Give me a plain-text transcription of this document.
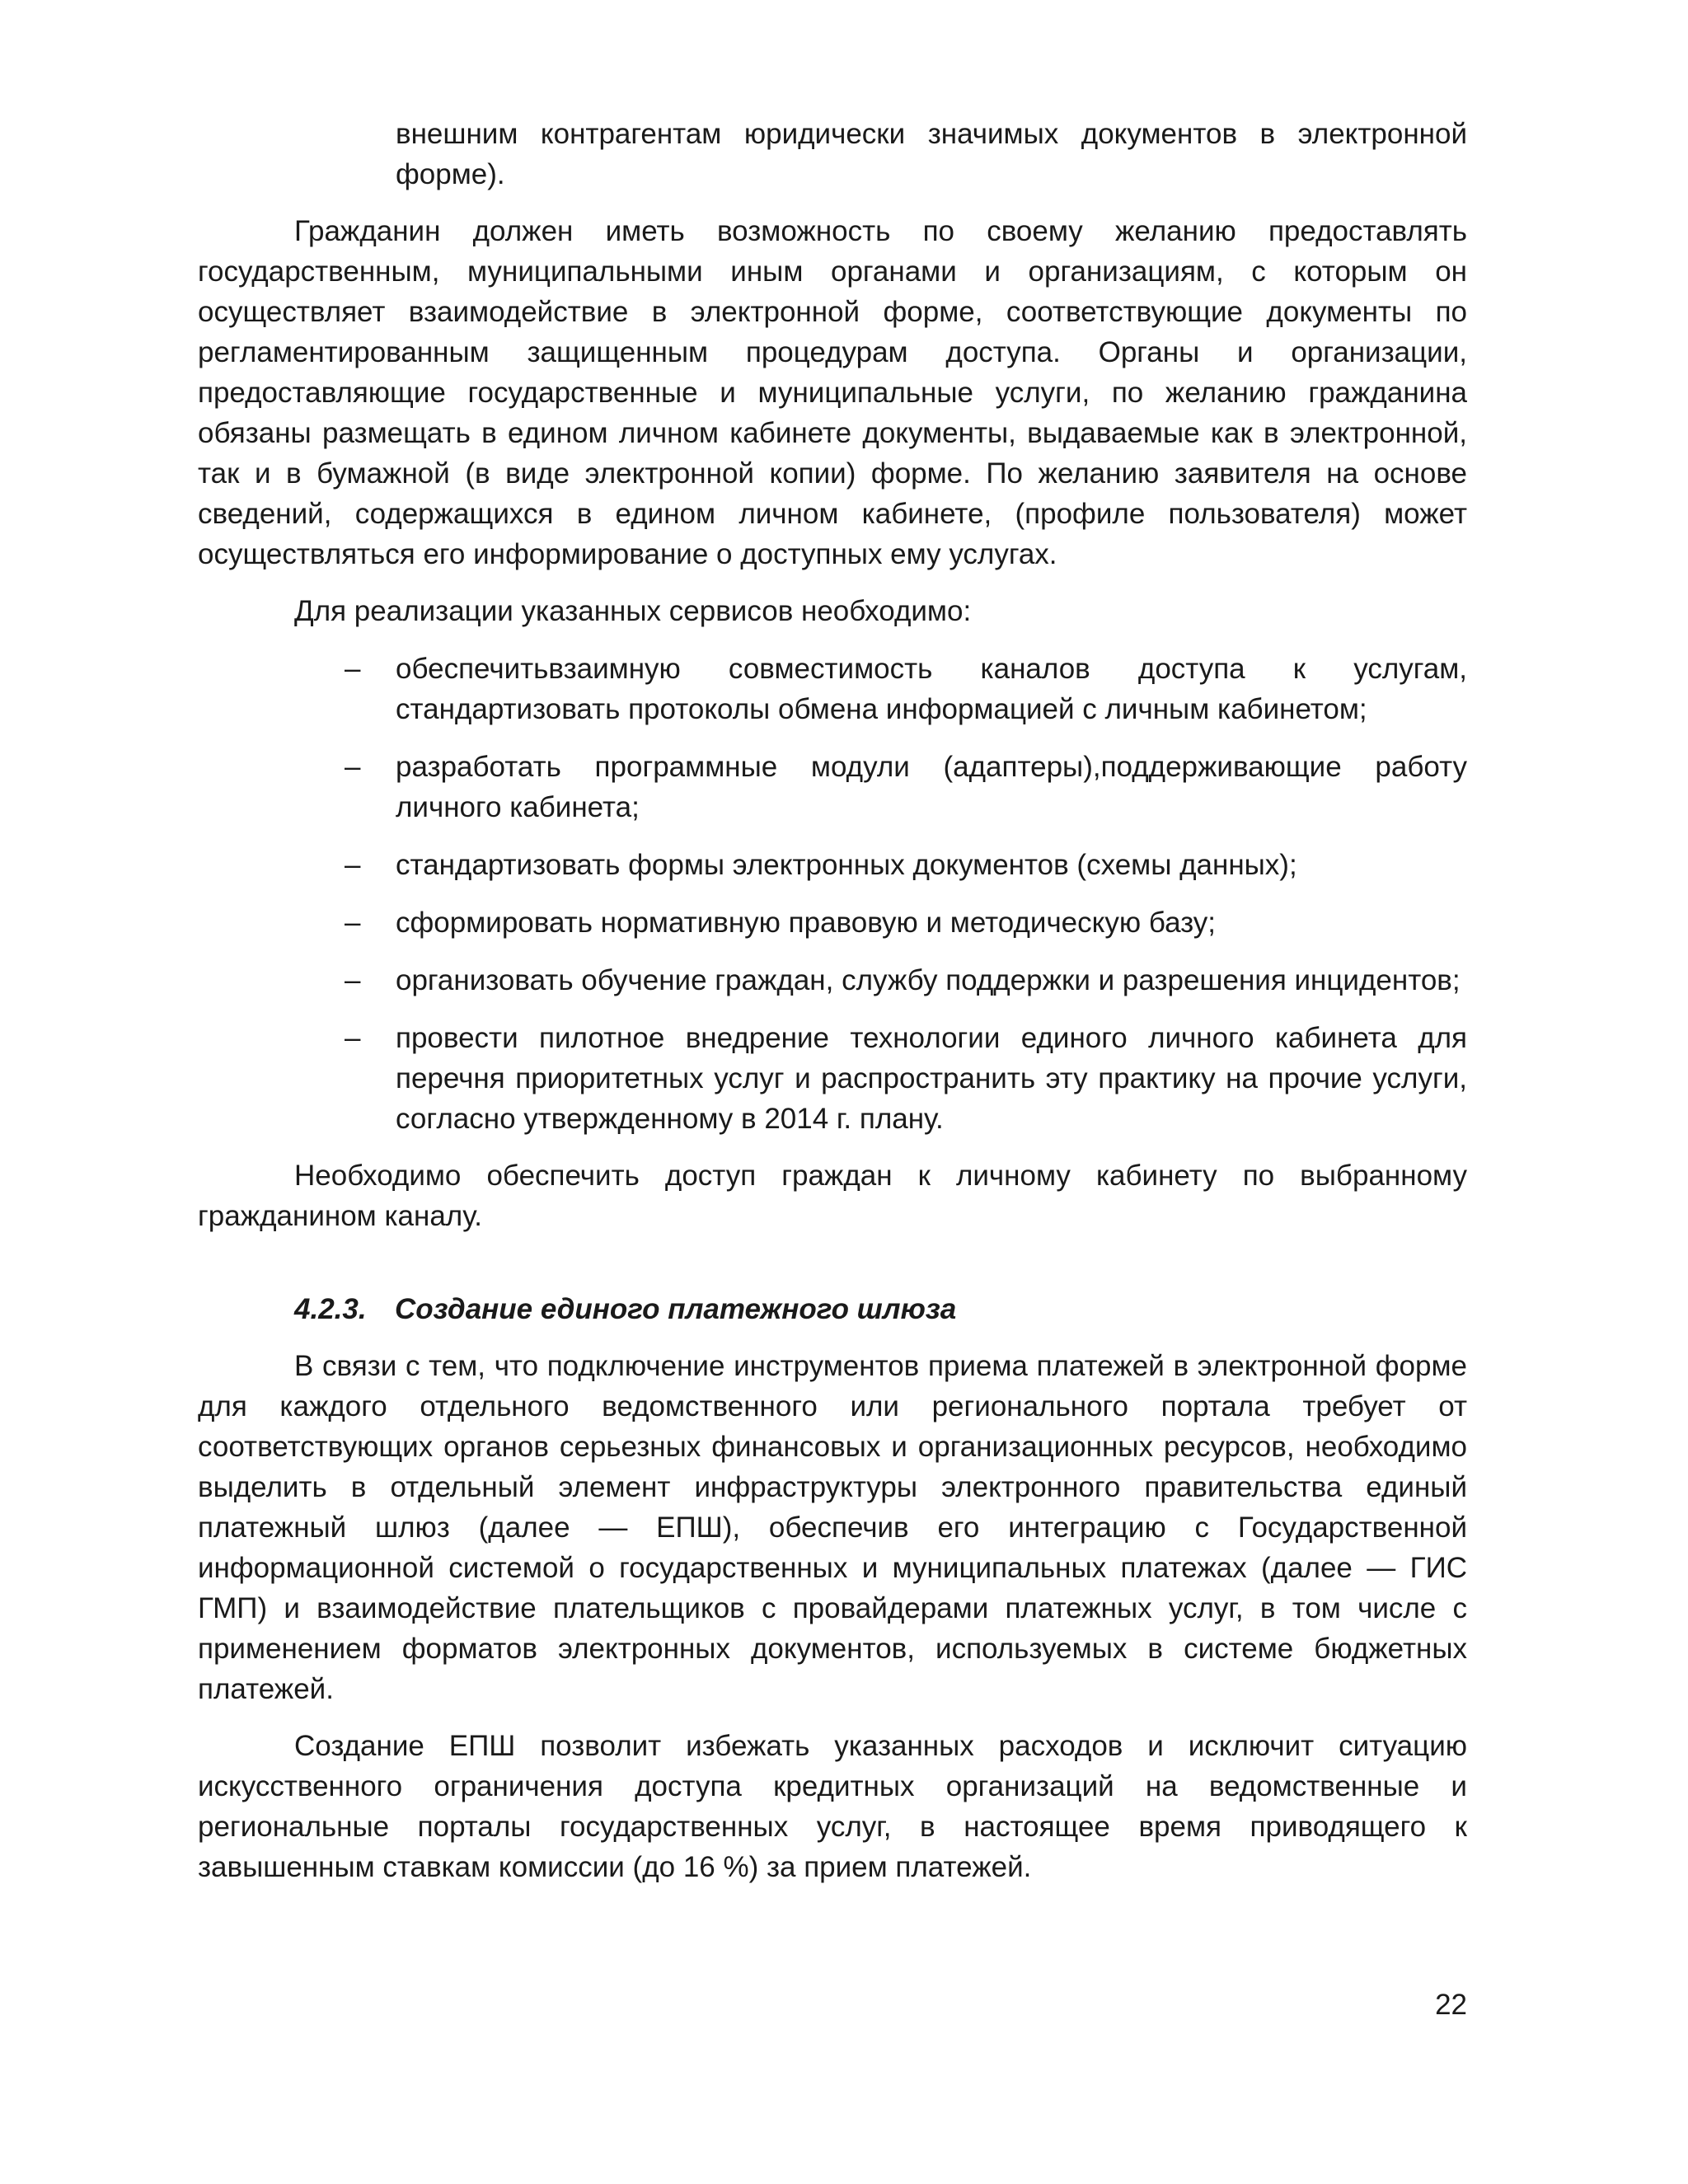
внешним контрагентам юридически значимых документов в электронной форме).

Гражданин должен иметь возможность по своему желанию предоставлять государственным, муниципальными иным органами и организациям, с которым он осуществляет взаимодействие в электронной форме, соответствующие документы по регламентированным защищенным процедурам доступа. Органы и организации, предоставляющие государственные и муниципальные услуги, по желанию гражданина обязаны размещать в едином личном кабинете документы, выдаваемые как в электронной, так и в бумажной (в виде электронной копии) форме. По желанию заявителя на основе сведений, содержащихся в едином личном кабинете, (профиле пользователя) может осуществляться его информирование о доступных ему услугах.

Для реализации указанных сервисов необходимо:

– обеспечитьвзаимную совместимость каналов доступа к услугам, стандартизовать протоколы обмена информацией с личным кабинетом;
– разработать программные модули (адаптеры),поддерживающие работу личного кабинета;
– стандартизовать формы электронных документов (схемы данных);
– сформировать нормативную правовую и методическую базу;
– организовать обучение граждан, службу поддержки и разрешения инцидентов;
– провести пилотное внедрение технологии единого личного кабинета для перечня приоритетных услуг и распространить эту практику на прочие услуги, согласно утвержденному в 2014 г. плану.

Необходимо обеспечить доступ граждан к личному кабинету по выбранному гражданином каналу.

4.2.3. Создание единого платежного шлюза

В связи с тем, что подключение инструментов приема платежей в электронной форме для каждого отдельного ведомственного или регионального портала требует от соответствующих органов серьезных финансовых и организационных ресурсов, необходимо выделить в отдельный элемент инфраструктуры электронного правительства единый платежный шлюз (далее — ЕПШ), обеспечив его интеграцию с Государственной информационной системой о государственных и муниципальных платежах (далее — ГИС ГМП) и взаимодействие плательщиков с провайдерами платежных услуг, в том числе с применением форматов электронных документов, используемых в системе бюджетных платежей.

Создание ЕПШ позволит избежать указанных расходов и исключит ситуацию искусственного ограничения доступа кредитных организаций на ведомственные и региональные порталы государственных услуг, в настоящее время приводящего к завышенным ставкам комиссии (до 16 %) за прием платежей.

22
